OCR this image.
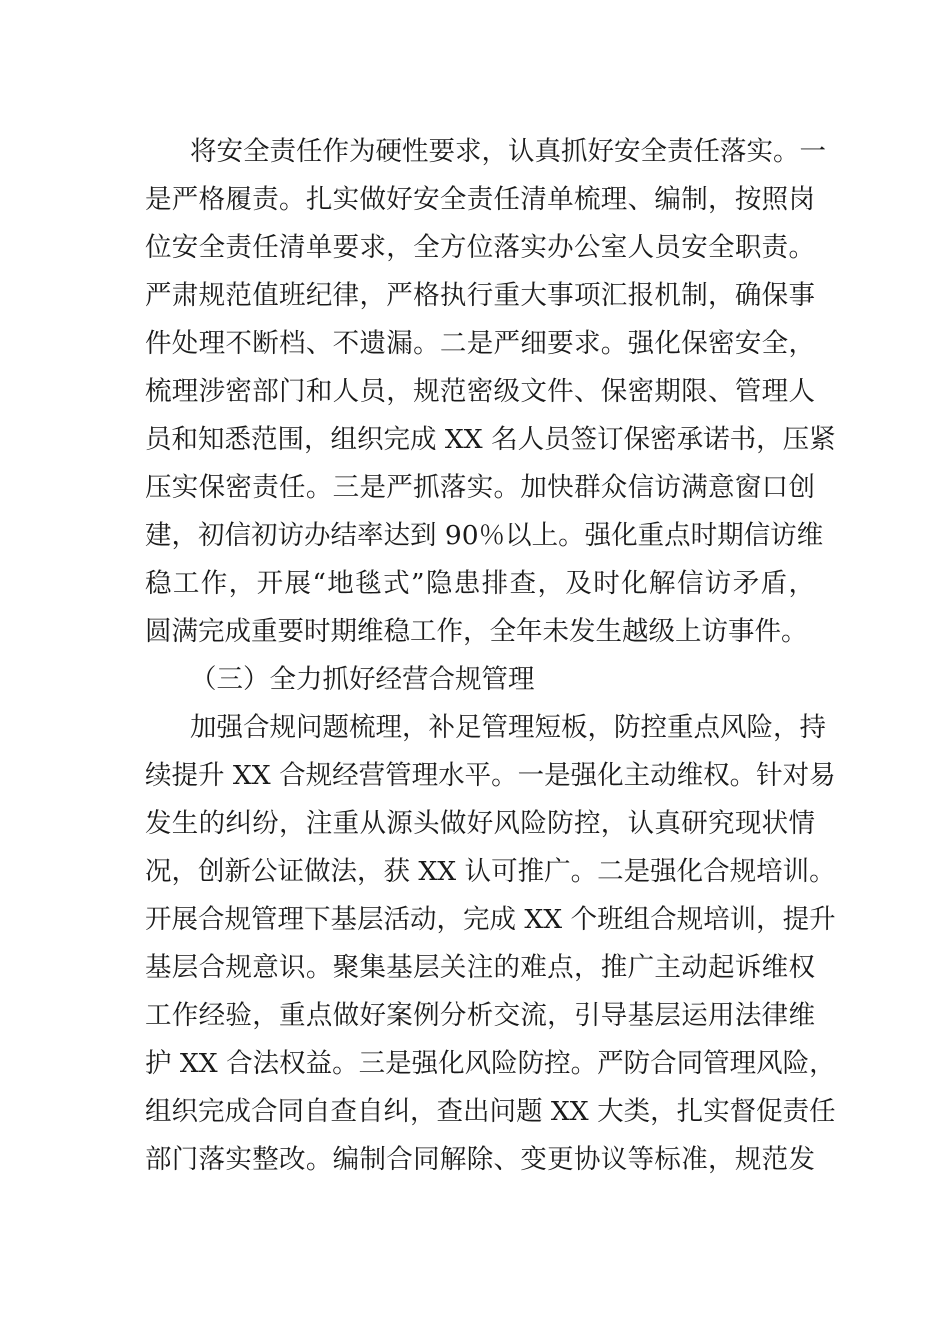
将安全责任作为硬性要求，认真抓好安全责任落实。一
是严格履责。扎实做好安全责任清单梳理、编制，按照岗
位安全责任清单要求，全方位落实办公室人员安全职责。
严肃规范值班纪律，严格执行重大事项汇报机制，确保事
件处理不断档、不遗漏。二是严细要求。强化保密安全，
梳理涉密部门和人员，规范密级文件、保密期限、管理人
员和知悉范围，组织完成 XX 名人员签订保密承诺书，压紧
压实保密责任。三是严抓落实。加快群众信访满意窗口创
建，初信初访办结率达到 90％以上。强化重点时期信访维
稳工作，开展“地毯式”隐患排查，及时化解信访矛盾，
圆满完成重要时期维稳工作，全年未发生越级上访事件。
（三）全力抓好经营合规管理
加强合规问题梳理，补足管理短板，防控重点风险，持
续提升 XX 合规经营管理水平。一是强化主动维权。针对易
发生的纠纷，注重从源头做好风险防控，认真研究现状情
况，创新公证做法，获 XX 认可推广。二是强化合规培训。
开展合规管理下基层活动，完成 XX 个班组合规培训，提升
基层合规意识。聚集基层关注的难点，推广主动起诉维权
工作经验，重点做好案例分析交流，引导基层运用法律维
护 XX 合法权益。三是强化风险防控。严防合同管理风险，
组织完成合同自查自纠，查出问题 XX 大类，扎实督促责任
部门落实整改。编制合同解除、变更协议等标准，规范发
